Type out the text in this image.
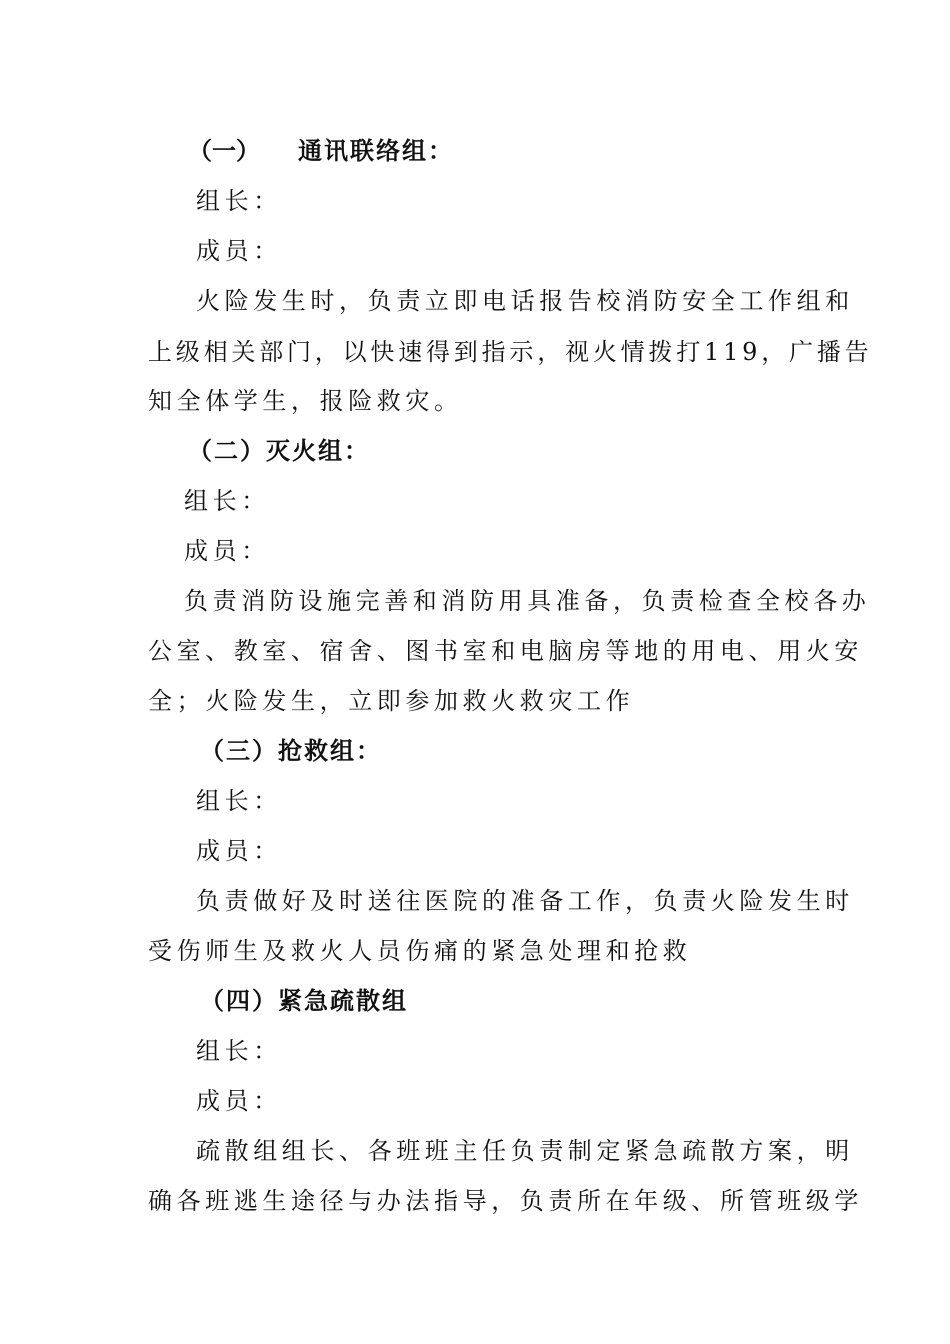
（一） 通讯联络组：
组长：
成员：
火险发生时，负责立即电话报告校消防安全工作组和
上级相关部门，以快速得到指示，视火情拨打119，广播告
知全体学生，报险救灾。
（二）灭火组：
组长：
成员：
负责消防设施完善和消防用具准备，负责检查全校各办
公室、教室、宿舍、图书室和电脑房等地的用电、用火安
全；火险发生，立即参加救火救灾工作
（三）抢救组：
组长：
成员：
负责做好及时送往医院的准备工作，负责火险发生时
受伤师生及救火人员伤痛的紧急处理和抢救
（四）紧急疏散组
组长：
成员：
疏散组组长、各班班主任负责制定紧急疏散方案，明
确各班逃生途径与办法指导，负责所在年级、所管班级学
